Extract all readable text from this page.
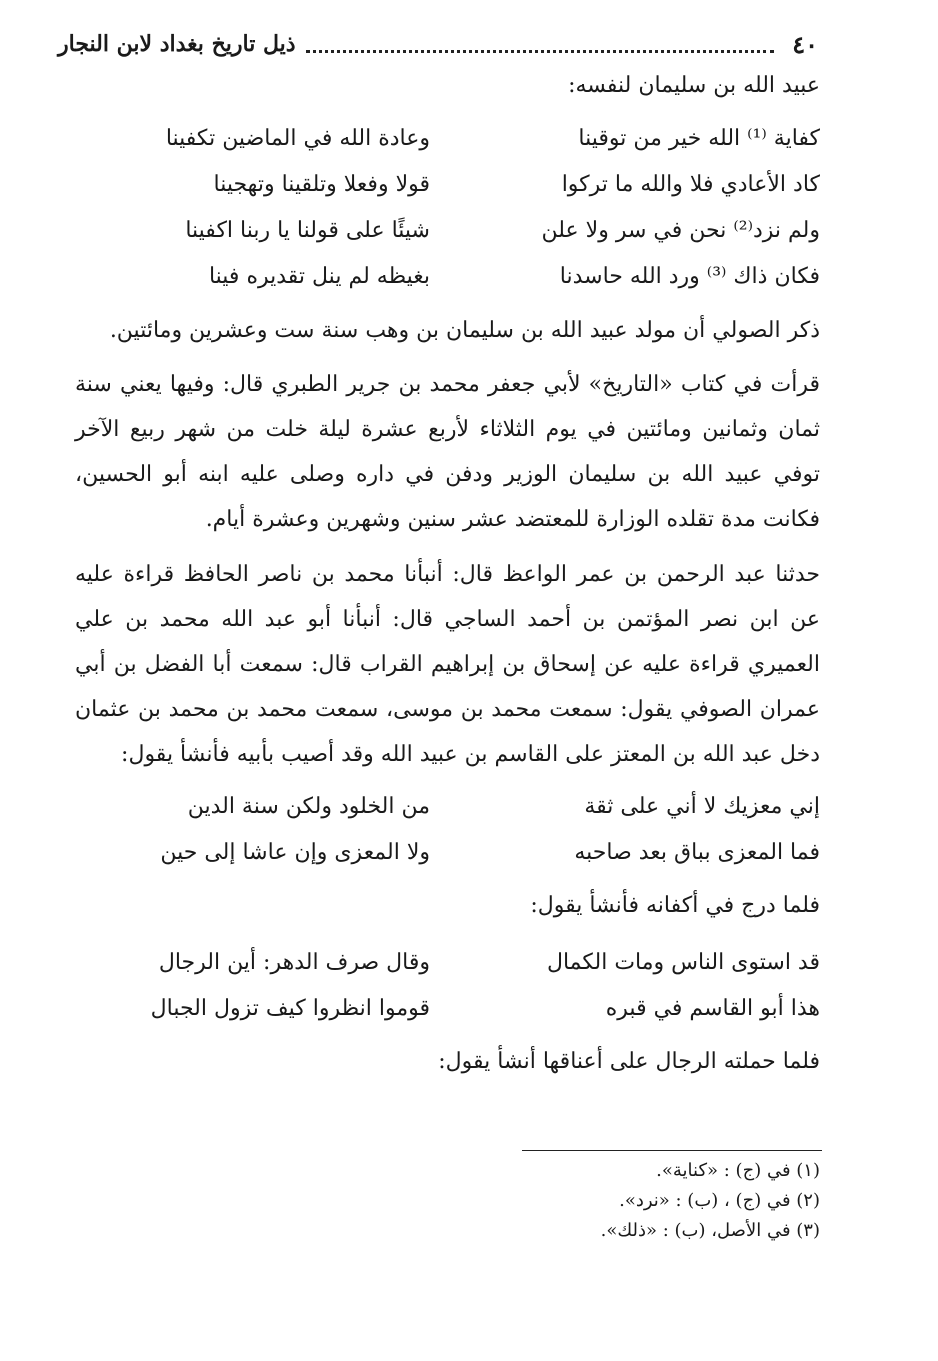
٤٠
ذيل تاريخ بغداد لابن النجار
عبيد الله بن سليمان لنفسه:
كفاية ⁽¹⁾ الله خير من توقينا
وعادة الله في الماضين تكفينا
كاد الأعادي فلا والله ما تركوا
قولا وفعلا وتلقينا وتهجينا
ولم نزد⁽²⁾ نحن في سر ولا علن
شيئًا على قولنا يا ربنا اكفينا
فكان ذاك ⁽³⁾ ورد الله حاسدنا
بغيظه لم ينل تقديره فينا
ذكر الصولي أن مولد عبيد الله بن سليمان بن وهب سنة ست وعشرين ومائتين.
قرأت في كتاب «التاريخ» لأبي جعفر محمد بن جرير الطبري قال: وفيها يعني سنة ثمان وثمانين ومائتين في يوم الثلاثاء لأربع عشرة ليلة خلت من شهر ربيع الآخر توفي عبيد الله بن سليمان الوزير ودفن في داره وصلى عليه ابنه أبو الحسين، فكانت مدة تقلده الوزارة للمعتضد عشر سنين وشهرين وعشرة أيام.
حدثنا عبد الرحمن بن عمر الواعظ قال: أنبأنا محمد بن ناصر الحافظ قراءة عليه عن ابن نصر المؤتمن بن أحمد الساجي قال: أنبأنا أبو عبد الله محمد بن علي العميري قراءة عليه عن إسحاق بن إبراهيم القراب قال: سمعت أبا الفضل بن أبي عمران الصوفي يقول: سمعت محمد بن موسى، سمعت محمد بن محمد بن عثمان دخل عبد الله بن المعتز على القاسم بن عبيد الله وقد أصيب بأبيه فأنشأ يقول:
إني معزيك لا أني على ثقة
من الخلود ولكن سنة الدين
فما المعزى بباق بعد صاحبه
ولا المعزى وإن عاشا إلى حين
فلما درج في أكفانه فأنشأ يقول:
قد استوى الناس ومات الكمال
وقال صرف الدهر: أين الرجال
هذا أبو القاسم في قبره
قوموا انظروا كيف تزول الجبال
فلما حملته الرجال على أعناقها أنشأ يقول:
(١) في (ج) : «كناية».
(٢) في (ج) ، (ب) : «نرد».
(٣) في الأصل، (ب) : «ذلك».
